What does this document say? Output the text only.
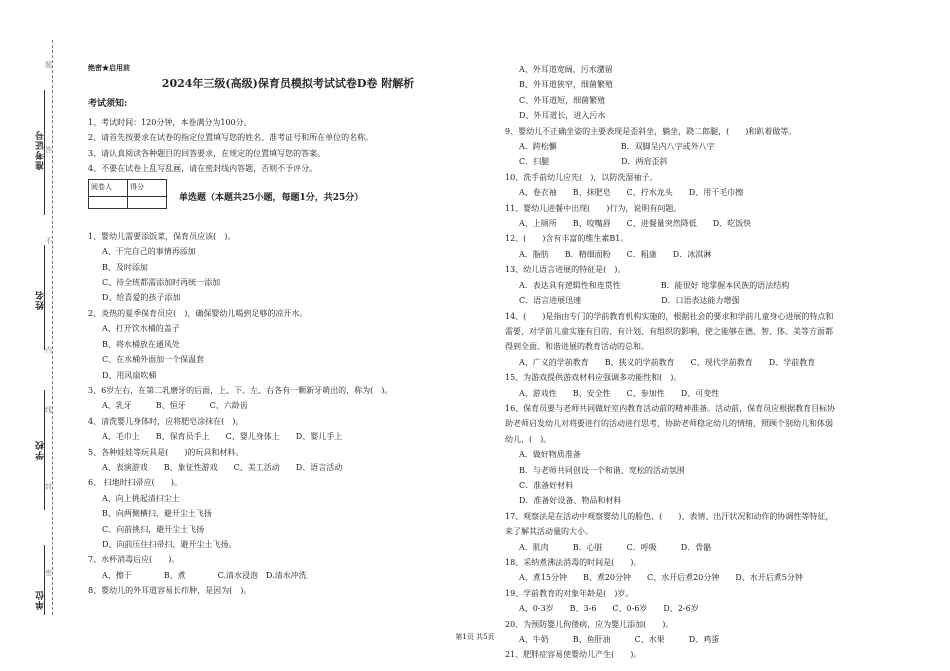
准考证号
姓名
学校
单位
题
答
不
内
线
封
密
绝密★启用前
2024年三级(高级)保育员模拟考试试卷D卷 附解析
考试须知:
1、考试时间：120分钟，本卷满分为100分。
2、请首先按要求在试卷的指定位置填写您的姓名、准考证号和所在单位的名称。
3、请认真阅读各种题目的回答要求，在规定的位置填写您的答案。
4、不要在试卷上乱写乱画，请在密封线内答题，否则不予评分。
阅卷人	得分

单选题（本题共25小题，每题1分，共25分）
1、婴幼儿需要添饭菜，保育员应该(　)。
A、干完自己的事情再添加
B、及时添加
C、待全班都需添加时再统一添加
D、给喜爱的孩子添加
2、炎热的夏季保育员应(　)，确保婴幼儿喝到足够的凉开水。
A、打开饮水桶的盖子
B、将水桶放在通风处
C、在水桶外面加一个保温套
D、用风扇吹桶
3、6岁左右，在第二乳磨牙的后面，上、下、左、右各有一颗新牙萌出的，称为(　)。
A、乳牙　　　B、恒牙　　　C、六龄齿
4、清洗婴儿身体时，应将肥皂涂抹在(　)。
A、毛巾上　　B、保育员手上　　C、婴儿身体上　　D、婴儿手上
5、各种娃娃等玩具是(　　)的玩具和材料。
A、表演游戏　　B、象征性游戏　　C、美工活动　　D、语言活动
6、 扫地时扫帚应(　　)。
A、向上挑起清扫尘土
B、向两侧横扫，避开尘土飞扬
C、向前挑扫，避开尘土飞扬
D、向前压住扫帚扫，避开尘土飞扬。
7、水杯消毒后应(　　)。
A、擦干　　　　B、煮　　　　C.清水浸泡　D.清水冲洗
8、婴幼儿的外耳道容易长疖肿，是因为(　)。
A、外耳道宽阔，污水潴留
B、外耳道狭窄，细菌繁殖
C、外耳道短，细菌繁殖
D、外耳道长，进入污水
9、婴幼儿不正确坐姿的主要表现是歪斜坐，躺坐，跷二郎腿，(　　)和趴着做等。
A．跨松懈　　　　　　　　B．双脚呈内八字或外八字
C．扫腿　　　　　　　　　D．两肩歪斜
10、洗手前幼儿应先(　)，以防洗湿袖子。
A、卷衣袖　　B、抹肥皂　　C、拧水龙头　　D、用干毛巾擦
11、婴幼儿进餐中出现(　　)行为，说明有问题。
A、上厕所　　B、咬嘴唇　　C、进餐量突然降低　　D、吃饭快
12、(　　)含有丰富的维生素B1。
A．脂肪　　B．精细面粉　　C．粗康　　D．冰淇淋
13、幼儿语言进展的特征是(　)。
A．表达具有逻辑性和连贯性　　　　　B．能很好 地掌握本民族的语法结构
C．语言进展迅速　　　　　　　　　　D．口语表达能力增强
14、(　　)是指由专门的学前教育机构实施的，根据社会的要求和学前儿童身心进展的特点和
需要，对学前儿童实施有目的、有计划、有组织的影响，使之能够在德、智、体、美等方面都
得到全面、和谐进展的教育活动的总和。
A、广义的学前教育　　B、狭义的学前教育　　C、现代学前教育　　D、学前教育
15、为游戏提供游戏材料应强调多功能性和(　)。
A、游戏性　　B、安全性　　C、参加性　　D、可变性
16、保育员要与老师共同做好室内教育活动前的精神准备。活动前，保育员应根据教育目标协
助老师启发幼儿对将要进行的活动进行思考，协助老师稳定幼儿的情绪，照顾个别幼儿和体弱
幼儿，(　)。
A．做好物质准备
B．与老师共同创设一个和谐、宽松的活动氛围
C．准备好材料
D．准备好设备、物品和材料
17、观察法是在活动中观察婴幼儿的脸色、(　　)、表情、出汗状况和动作的协调性等特征，
来了解其活动量的大小。
A．肌肉　　　B．心脏　　　C．呼吸　　　D．骨骼
18、采纳煮沸法消毒的时间是(　　)。
A、煮15分钟　　B、煮20分钟　　C、水开后煮20分钟　　D、水开后煮5分钟
19、学前教育的对象年龄是(　)岁。
A、0-3岁　　B、3-6　　C、0-6岁　　D、2-6岁
20、为预防婴儿佝偻病，应为婴儿添加(　　)。
A、牛奶　　　B、鱼肝油　　　C、水果　　　D、鸡蛋
21、肥胖症容易使婴幼儿产生(　　)。
第1页 共5页
